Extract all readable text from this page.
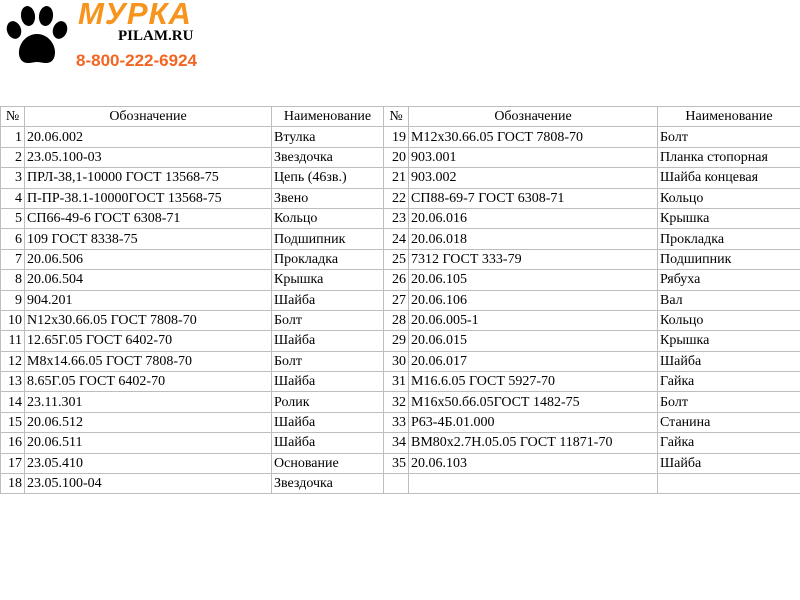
МУРКА
PILAM.RU
8-800-222-6924
№	Обозначение	Наименование	№	Обозначение	Наименование
1	20.06.002	Втулка	19	M12x30.66.05 ГОСТ 7808-70	Болт
2	23.05.100-03	Звездочка	20	903.001	Планка стопорная
3	ПРЛ-38,1-10000 ГОСТ 13568-75	Цепь (46зв.)	21	903.002	Шайба концевая
4	П-ПР-38.1-10000ГОСТ 13568-75	Звено	22	СП88-69-7 ГОСТ 6308-71	Кольцо
5	СП66-49-6 ГОСТ 6308-71	Кольцо	23	20.06.016	Крышка
6	109 ГОСТ 8338-75	Подшипник	24	20.06.018	Прокладка
7	20.06.506	Прокладка	25	7312 ГОСТ 333-79	Подшипник
8	20.06.504	Крышка	26	20.06.105	Рябуха
9	904.201	Шайба	27	20.06.106	Вал
10	N12x30.66.05 ГОСТ 7808-70	Болт	28	20.06.005-1	Кольцо
11	12.65Г.05 ГОСТ 6402-70	Шайба	29	20.06.015	Крышка
12	M8x14.66.05 ГОСТ 7808-70	Болт	30	20.06.017	Шайба
13	8.65Г.05 ГОСТ 6402-70	Шайба	31	M16.6.05 ГОСТ 5927-70	Гайка
14	23.11.301	Ролик	32	M16x50.б6.05ГОСТ 1482-75	Болт
15	20.06.512	Шайба	33	Р63-4Б.01.000	Станина
16	20.06.511	Шайба	34	BM80x2.7H.05.05 ГОСТ 11871-70	Гайка
17	23.05.410	Основание	35	20.06.103	Шайба
18	23.05.100-04	Звездочка			
